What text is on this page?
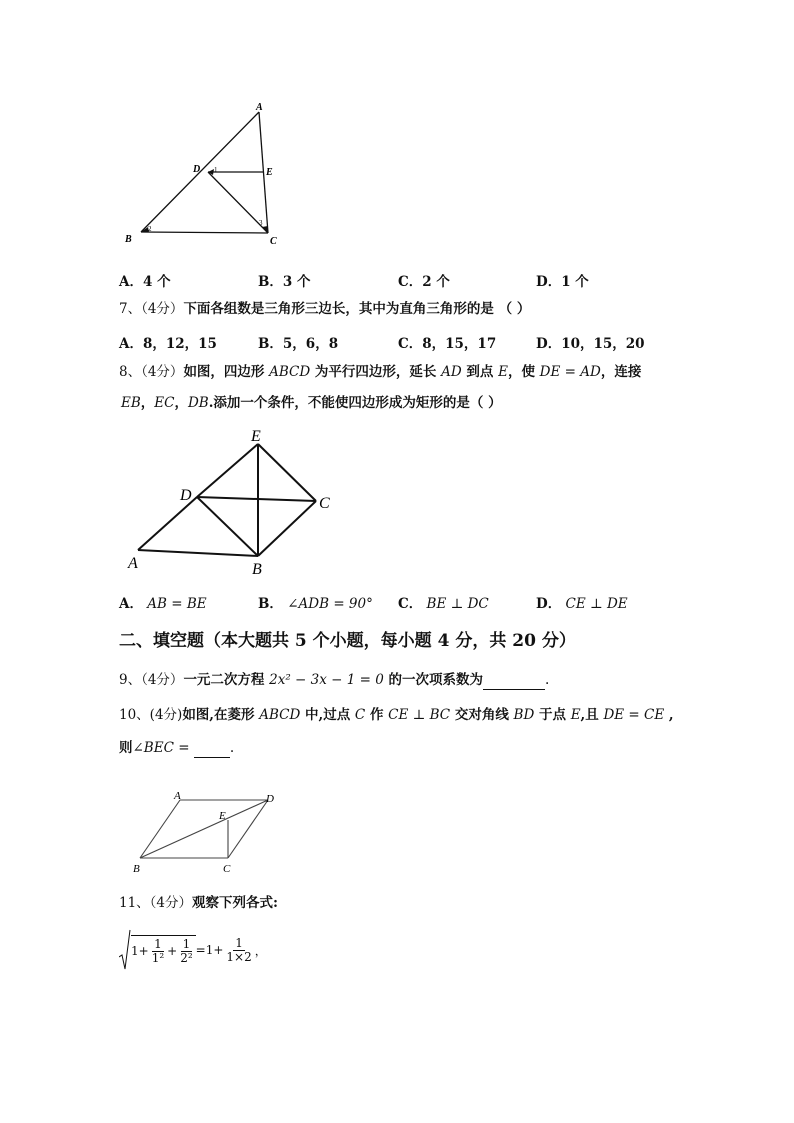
A
D	E
B	C
1
2
3
A．4 个	B．3 个	C．2 个	D．1 个
7、（4分）下面各组数是三角形三边长，其中为直角三角形的是 （ ）
A．8，12，15	B．5，6，8	C．8，15，17	D．10，15，20
8、（4分）如图，四边形 ABCD 为平行四边形，延长 AD 到点 E，使 DE = AD，连接
EB，EC，DB.添加一个条件，不能使四边形成为矩形的是（ ）
E
D	C
A	B
A． AB = BE	B． ∠ADB = 90° C． BE ⊥ DC	D． CE ⊥ DE
二、填空题（本大题共 5 个小题，每小题 4 分，共 20 分）
9、（4分）一元二次方程 2x² − 3x − 1 = 0 的一次项系数为	.
10、(4分)如图,在菱形 ABCD 中,过点 C 作 CE ⊥ BC 交对角线 BD 于点 E,且 DE = CE ,
则∠BEC =	.
A	D
E
B	C
11、（4分）观察下列各式:
$1+ \frac{1}{\text{1²}} + \frac{1}{\text{2²}} =1+ \frac{1}{1\times 2}$ ，
